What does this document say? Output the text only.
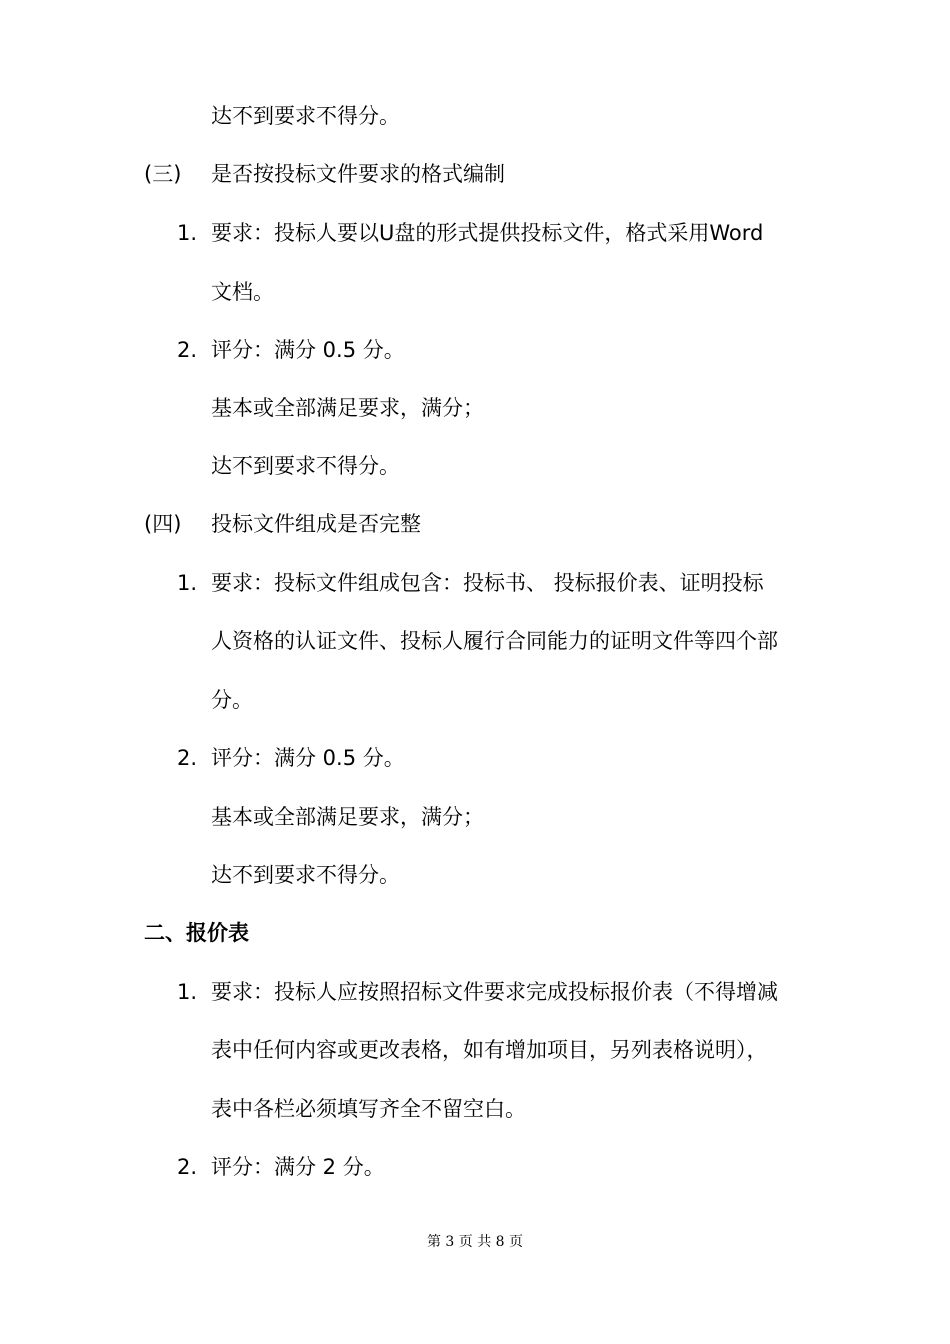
达不到要求不得分。
(三) 是否按投标文件要求的格式编制
1. 要求：投标人要以U盘的形式提供投标文件，格式采用Word
文档。
2. 评分：满分 0.5 分。
基本或全部满足要求，满分；
达不到要求不得分。
(四) 投标文件组成是否完整
1. 要求：投标文件组成包含：投标书、 投标报价表、证明投标
人资格的认证文件、投标人履行合同能力的证明文件等四个部
分。
2. 评分：满分 0.5 分。
基本或全部满足要求，满分；
达不到要求不得分。
二、报价表
1. 要求：投标人应按照招标文件要求完成投标报价表（不得增减
表中任何内容或更改表格，如有增加项目，另列表格说明），
表中各栏必须填写齐全不留空白。
2. 评分：满分 2 分。
第 3 页 共 8 页
